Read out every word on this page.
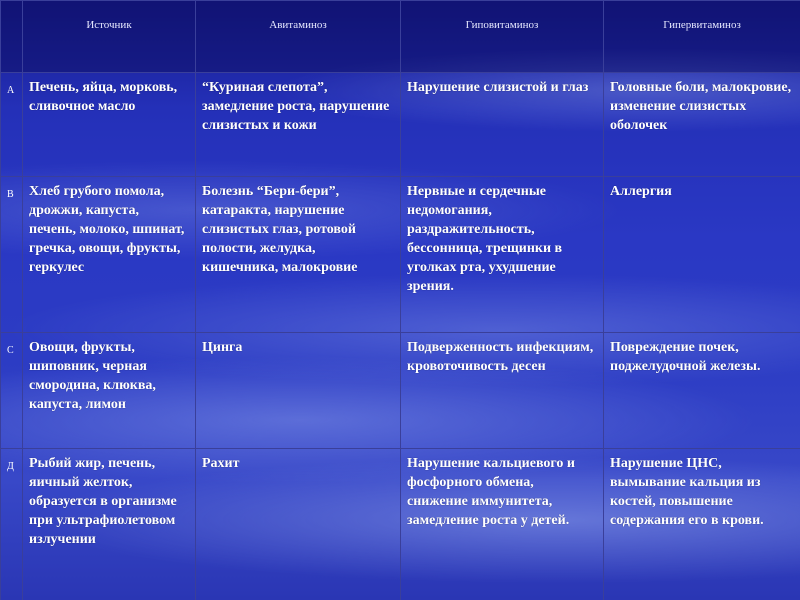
	Источник	Авитаминоз	Гиповитаминоз	Гипервитаминоз

А	Печень, яйца, морковь, сливочное масло	“Куриная слепота”, замедление роста, нарушение слизистых и кожи	Нарушение слизистой и глаз	Головные боли, малокровие, изменение слизистых оболочек

В	Хлеб грубого помола, дрожжи, капуста, печень, молоко, шпинат, гречка, овощи, фрукты, геркулес	Болезнь “Бери-бери”, катаракта, нарушение слизистых глаз, ротовой полости, желудка, кишечника, малокровие	Нервные и сердечные недомогания, раздражительность, бессонница, трещинки в уголках рта, ухудшение зрения.	Аллергия

С	Овощи, фрукты, шиповник, черная смородина, клюква, капуста, лимон	Цинга	Подверженность инфекциям, кровоточивость десен	Повреждение почек, поджелудочной железы.

Д	Рыбий жир, печень, яичный желток, образуется в организме при ультрафиолетовом излучении	Рахит	Нарушение кальциевого и фосфорного обмена, снижение иммунитета, замедление роста у детей.	Нарушение ЦНС, вымывание кальция из костей, повышение содержания его в крови.
